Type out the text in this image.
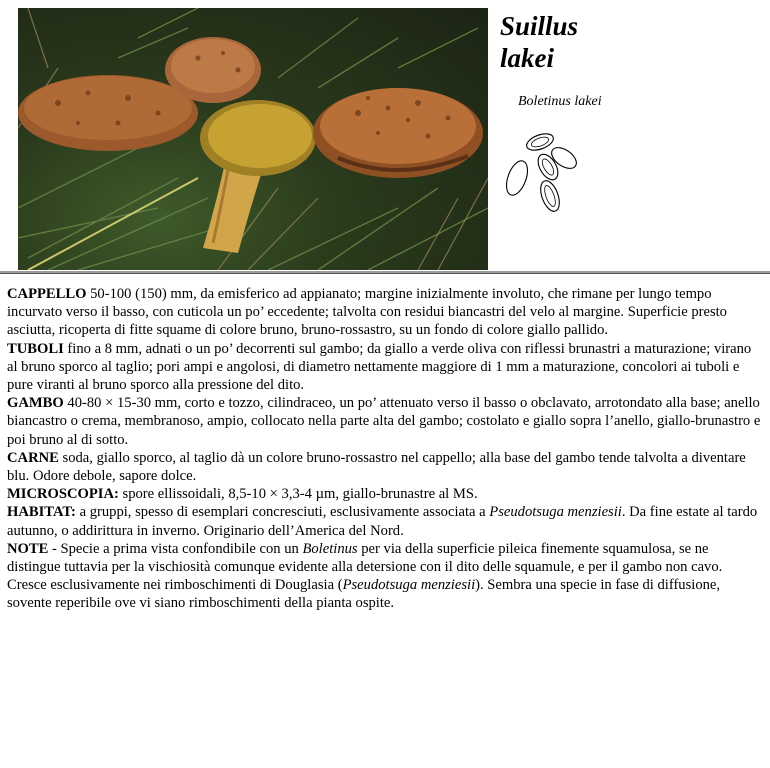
Suillus
lakei
Boletinus lakei

CAPPELLO 50-100 (150) mm, da emisferico ad appianato; margine inizialmente involuto, che rimane per lungo tempo incurvato verso il basso, con cuticola un po’ eccedente; talvolta con residui biancastri del velo al margine. Superficie presto asciutta, ricoperta di fitte squame di colore bruno, bruno-rossastro, su un fondo di colore giallo pallido.

TUBOLI fino a 8 mm, adnati o un po’ decorrenti sul gambo; da giallo a verde oliva con riflessi brunastri a maturazione; virano al bruno sporco al taglio; pori ampi e angolosi, di diametro nettamente maggiore di 1 mm a maturazione, concolori ai tuboli e pure viranti al bruno sporco alla pressione del dito.

GAMBO 40-80 × 15-30 mm, corto e tozzo, cilindraceo, un po’ attenuato verso il basso o obclavato, arrotondato alla base; anello biancastro o crema, membranoso, ampio, collocato nella parte alta del gambo; costolato e giallo sopra l’anello, giallo-brunastro e poi bruno al di sotto.

CARNE soda, giallo sporco, al taglio dà un colore bruno-rossastro nel cappello; alla base del gambo tende talvolta a diventare blu. Odore debole, sapore dolce.

MICROSCOPIA: spore ellissoidali, 8,5-10 × 3,3-4 µm, giallo-brunastre al MS.

HABITAT: a gruppi, spesso di esemplari concresciuti, esclusivamente associata a Pseudotsuga menziesii. Da fine estate al tardo autunno, o addirittura in inverno. Originario dell’America del Nord.

NOTE - Specie a prima vista confondibile con un Boletinus per via della superficie pileica finemente squamulosa, se ne distingue tuttavia per la vischiosità comunque evidente alla detersione con il dito delle squamule, e per il gambo non cavo. Cresce esclusivamente nei rimboschimenti di Douglasia (Pseudotsuga menziesii). Sembra una specie in fase di diffusione, sovente reperibile ove vi siano rimboschimenti della pianta ospite.
